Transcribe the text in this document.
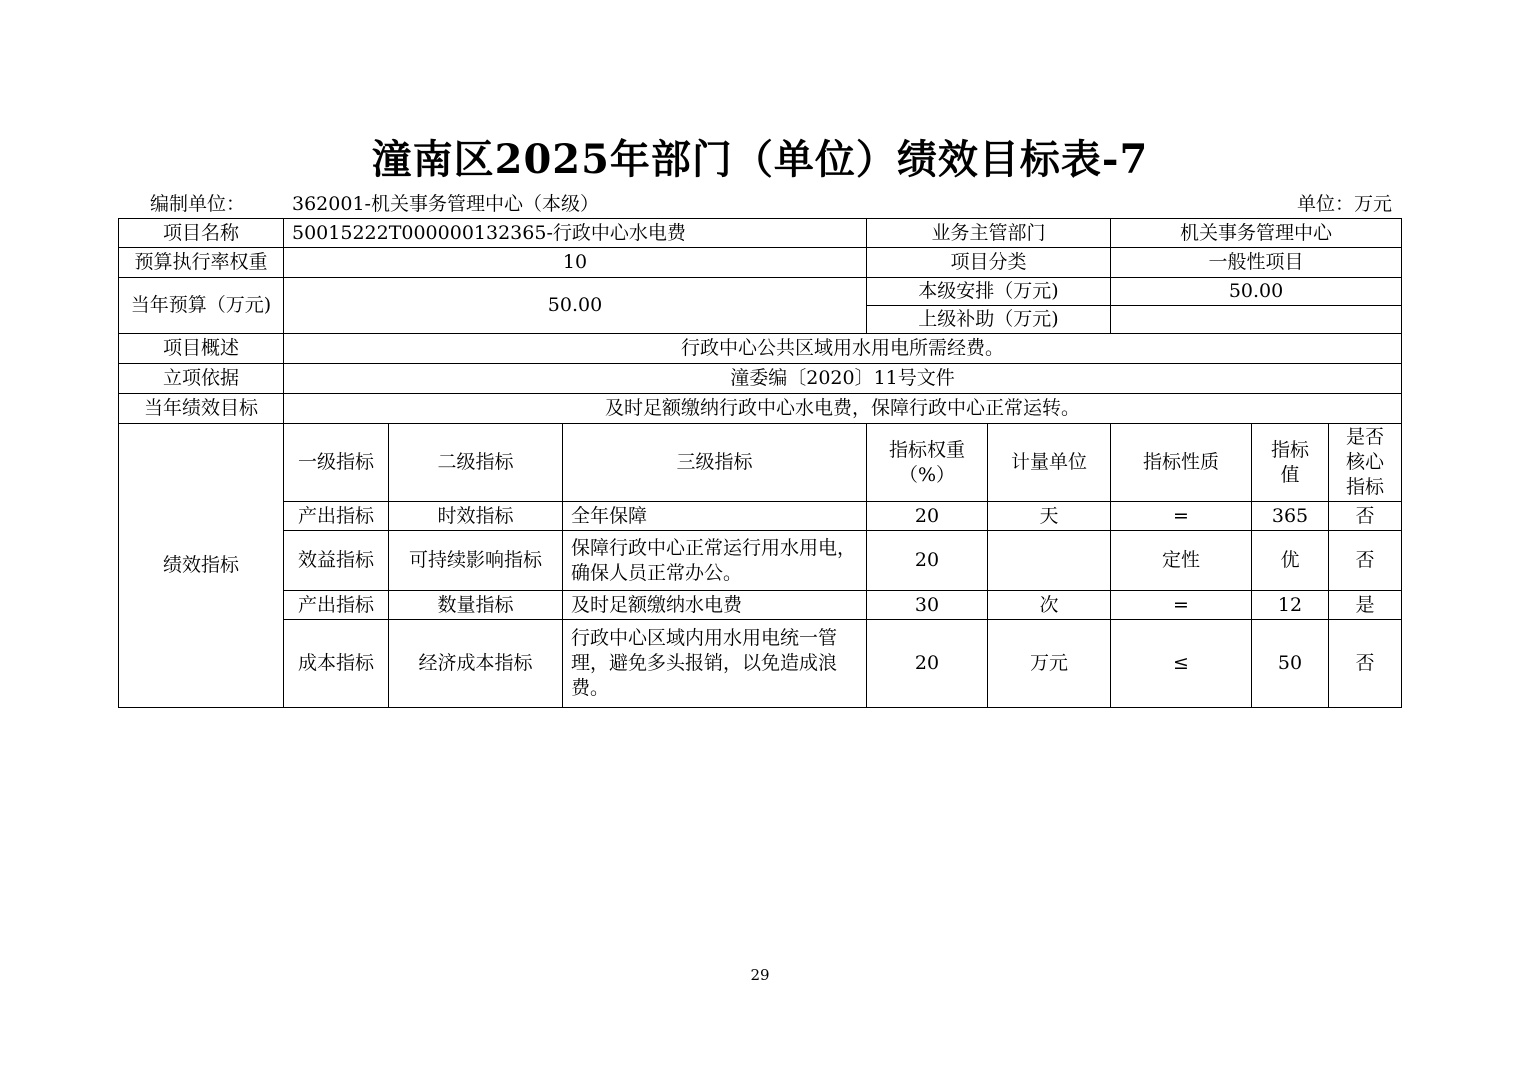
潼南区2025年部门（单位）绩效目标表-7
编制单位： 362001-机关事务管理中心（本级）	单位：万元
项目名称	50015222T000000132365-行政中心水电费			业务主管部门		机关事务管理中心		
预算执行率权重	10			项目分类		一般性项目		
当年预算（万元)	50.00			本级安排（万元)		50.00		
				上级补助（万元)				
项目概述	行政中心公共区域用水用电所需经费。							
立项依据	潼委编〔2020〕11号文件							
当年绩效目标	及时足额缴纳行政中心水电费，保障行政中心正常运转。							
绩效指标	一级指标	二级指标	三级指标	指标权重（%）	计量单位	指标性质	指标值	是否核心指标
	产出指标	时效指标	全年保障	20	天	=	365	否
	效益指标	可持续影响指标	保障行政中心正常运行用水用电，确保人员正常办公。	20		定性	优	否
	产出指标	数量指标	及时足额缴纳水电费	30	次	=	12	是
	成本指标	经济成本指标	行政中心区域内用水用电统一管理，避免多头报销，以免造成浪费。	20	万元	≤	50	否
29
